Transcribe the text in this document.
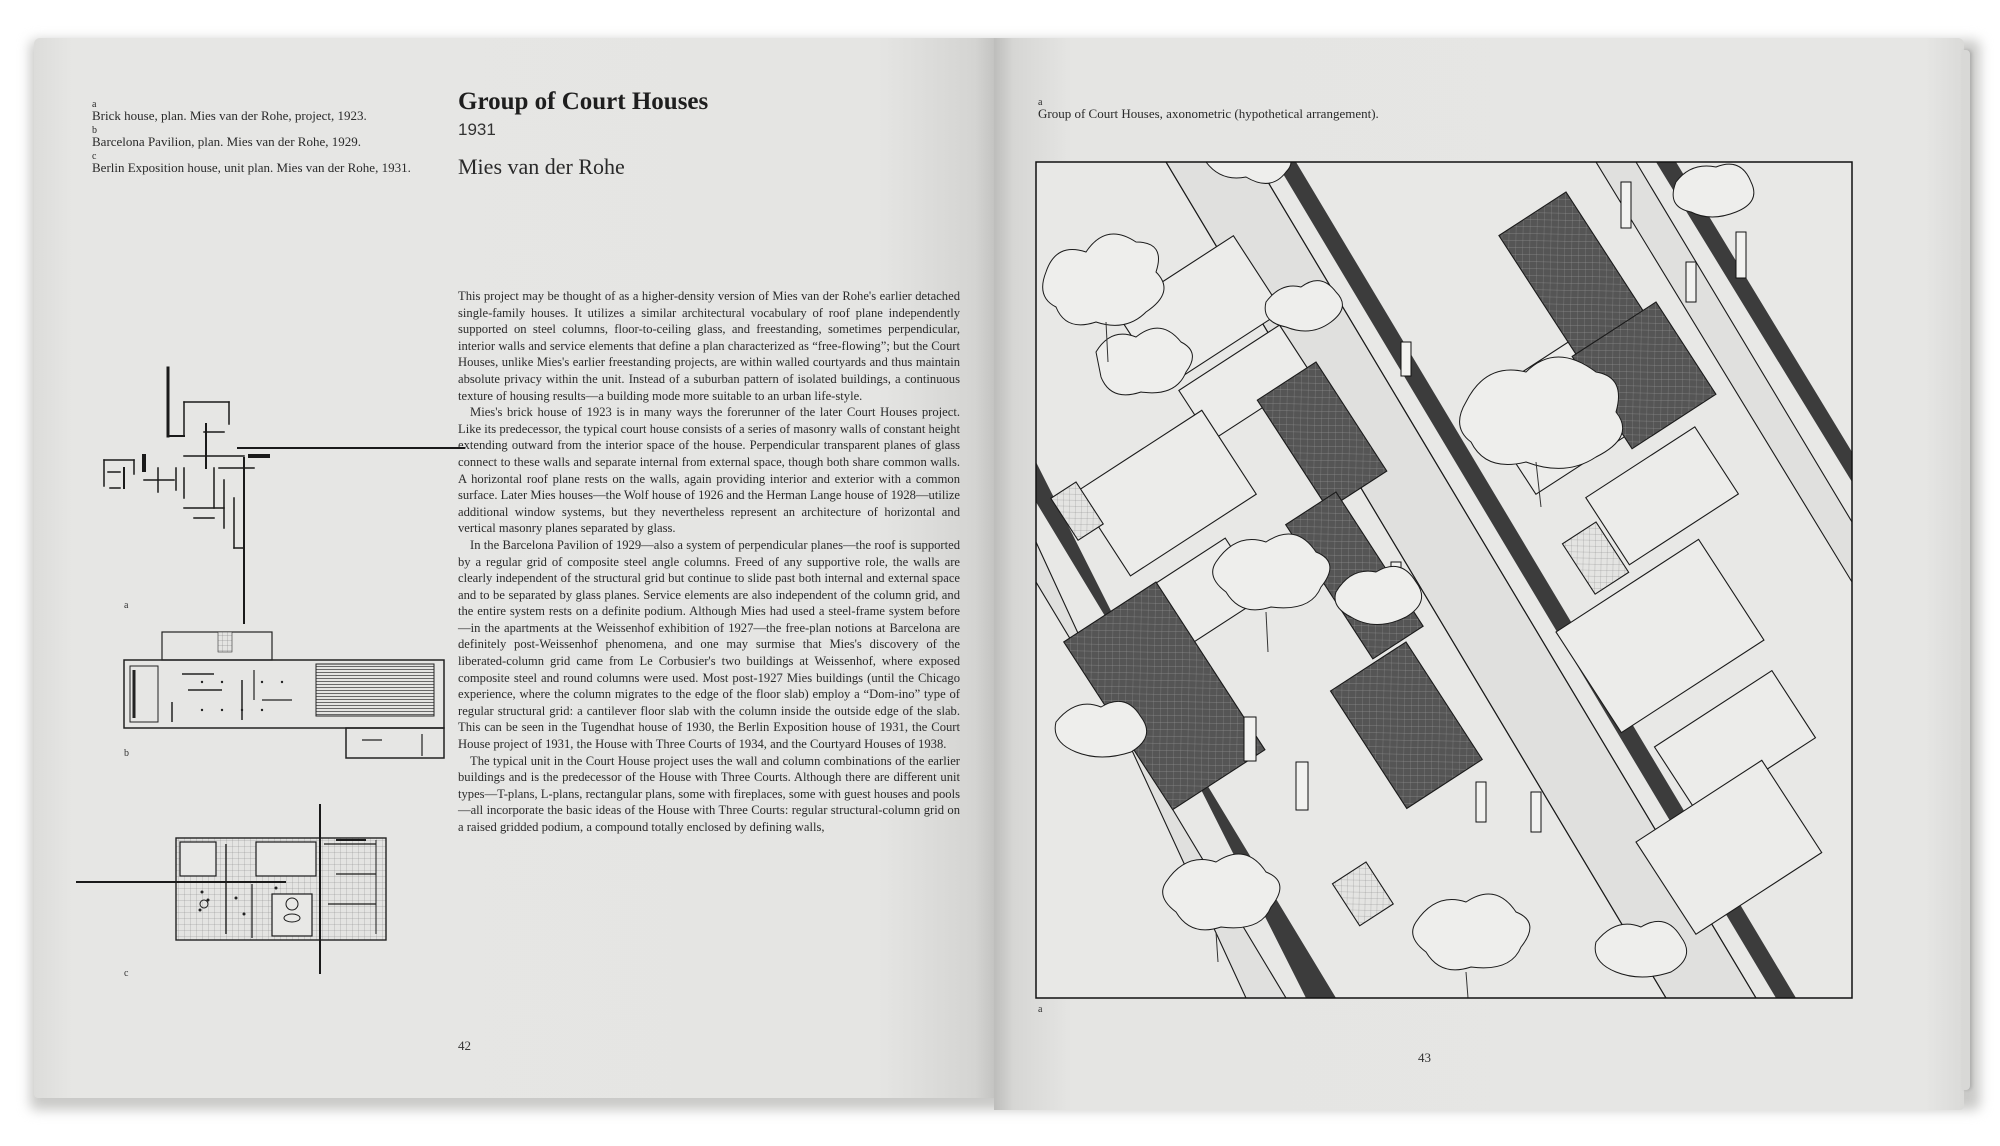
a
Brick house, plan. Mies van der Rohe, project, 1923.
b
Barcelona Pavilion, plan. Mies van der Rohe, 1929.
c
Berlin Exposition house, unit plan. Mies van der Rohe, 1931.
Group of Court Houses
1931
Mies van der Rohe

This project may be thought of as a higher-density version of Mies van der Rohe's earlier detached single-family houses. It utilizes a similar architectural vocabulary of roof plane independently supported on steel columns, floor-to-ceiling glass, and freestanding, sometimes perpendicular, interior walls and service elements that define a plan characterized as “free-flowing”; but the Court Houses, unlike Mies's earlier freestanding projects, are within walled courtyards and thus maintain absolute privacy within the unit. Instead of a suburban pattern of isolated buildings, a continuous texture of housing results—a building mode more suitable to an urban life-style.

Mies's brick house of 1923 is in many ways the forerunner of the later Court Houses project. Like its predecessor, the typical court house consists of a series of masonry walls of constant height extending outward from the interior space of the house. Perpendicular transparent planes of glass connect to these walls and separate internal from external space, though both share common walls. A horizontal roof plane rests on the walls, again providing interior and exterior with a common surface. Later Mies houses—the Wolf house of 1926 and the Herman Lange house of 1928—utilize additional window systems, but they nevertheless represent an architecture of horizontal and vertical masonry planes separated by glass.

In the Barcelona Pavilion of 1929—also a system of perpendicular planes—the roof is supported by a regular grid of composite steel angle columns. Freed of any supportive role, the walls are clearly independent of the structural grid but continue to slide past both internal and external space and to be separated by glass planes. Service elements are also independent of the column grid, and the entire system rests on a definite podium. Although Mies had used a steel-frame system before—in the apartments at the Weissenhof exhibition of 1927—the free-plan notions at Barcelona are definitely post-Weissenhof phenomena, and one may surmise that Mies's discovery of the liberated-column grid came from Le Corbusier's two buildings at Weissenhof, where exposed composite steel and round columns were used. Most post-1927 Mies buildings (until the Chicago experience, where the column migrates to the edge of the floor slab) employ a “Dom-ino” type of regular structural grid: a cantilever floor slab with the column inside the outside edge of the slab. This can be seen in the Tugendhat house of 1930, the Berlin Exposition house of 1931, the Court House project of 1931, the House with Three Courts of 1934, and the Courtyard Houses of 1938.

The typical unit in the Court House project uses the wall and column combinations of the earlier buildings and is the predecessor of the House with Three Courts. Although there are different unit types—T-plans, L-plans, rectangular plans, some with fireplaces, some with guest houses and pools—all incorporate the basic ideas of the House with Three Courts: regular structural-column grid on a raised gridded podium, a compound totally enclosed by defining walls,

a
b
c
42
a
Group of Court Houses, axonometric (hypothetical arrangement).
a
43
